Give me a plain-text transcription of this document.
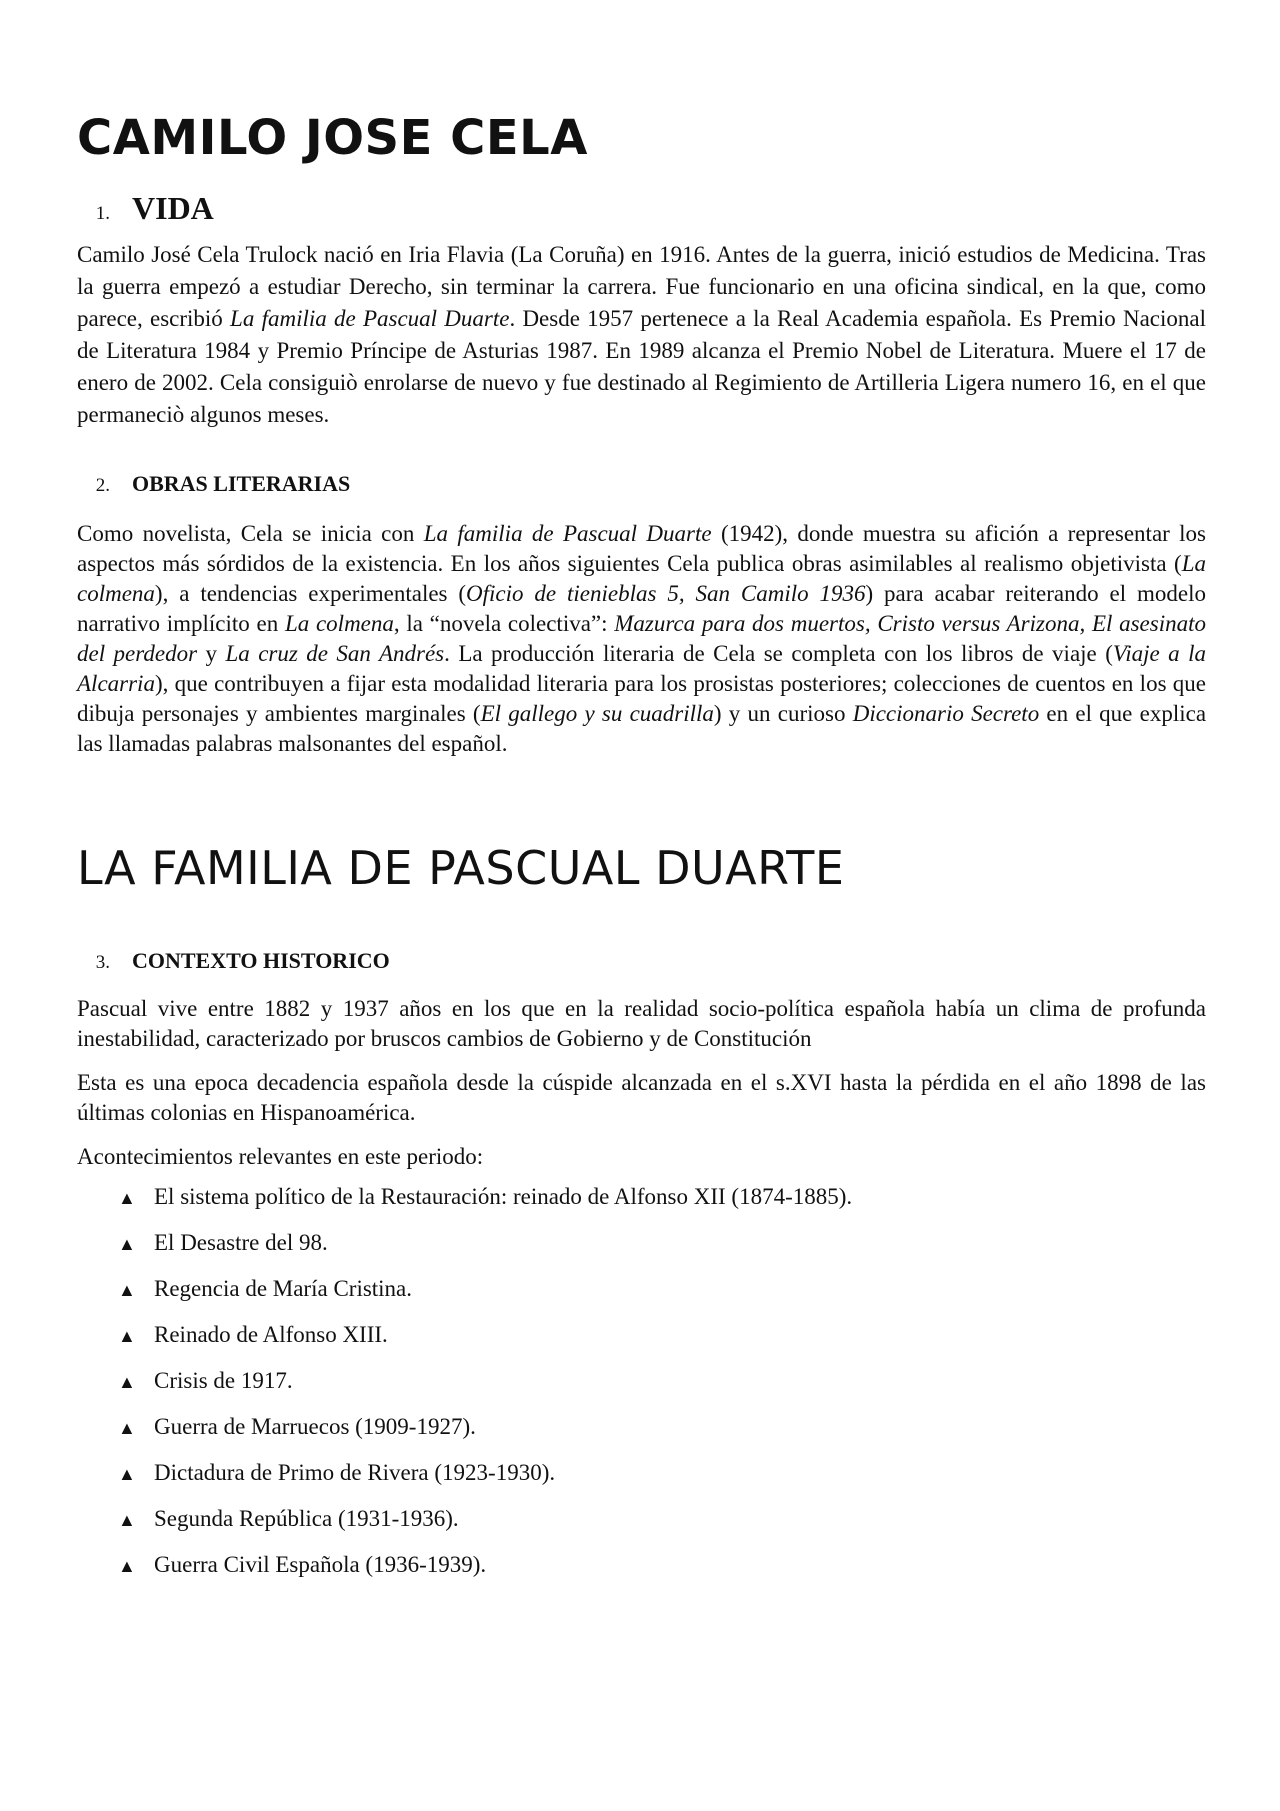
CAMILO JOSE CELA
1. VIDA

Camilo José Cela Trulock nació en Iria Flavia (La Coruña) en 1916. Antes de la guerra, inició estudios de Medicina. Tras la guerra empezó a estudiar Derecho, sin terminar la carrera. Fue funcionario en una oficina sindical, en la que, como parece, escribió La familia de Pascual Duarte. Desde 1957 pertenece a la Real Academia española. Es Premio Nacional de Literatura 1984 y Premio Príncipe de Asturias 1987. En 1989 alcanza el Premio Nobel de Literatura. Muere el 17 de enero de 2002. Cela consiguiò enrolarse de nuevo y fue destinado al Regimiento de Artilleria Ligera numero 16, en el que permaneciò algunos meses.

2.	OBRAS LITERARIAS

Como novelista, Cela se inicia con La familia de Pascual Duarte (1942), donde muestra su afición a representar los aspectos más sórdidos de la existencia. En los años siguientes Cela publica obras asimilables al realismo objetivista (La colmena), a tendencias experimentales (Oficio de tienieblas 5, San Camilo 1936) para acabar reiterando el modelo narrativo implícito en La colmena, la “novela colectiva”: Mazurca para dos muertos, Cristo versus Arizona, El asesinato del perdedor y La cruz de San Andrés. La producción literaria de Cela se completa con los libros de viaje (Viaje a la Alcarria), que contribuyen a fijar esta modalidad literaria para los prosistas posteriores; colecciones de cuentos en los que dibuja personajes y ambientes marginales (El gallego y su cuadrilla) y un curioso Diccionario Secreto en el que explica las llamadas palabras malsonantes del español.

LA FAMILIA DE PASCUAL DUARTE
3.	CONTEXTO HISTORICO

Pascual vive entre 1882 y 1937 años en los que en la realidad socio-política española había un clima de profunda inestabilidad, caracterizado por bruscos cambios de Gobierno y de Constitución

Esta es una epoca decadencia española desde la cúspide alcanzada en el s.XVI hasta la pérdida en el año 1898 de las últimas colonias en Hispanoamérica.

Acontecimientos relevantes en este periodo:

▲ El sistema político de la Restauración: reinado de Alfonso XII (1874-1885).
▲ El Desastre del 98.
▲ Regencia de María Cristina.
▲ Reinado de Alfonso XIII.
▲ Crisis de 1917.
▲ Guerra de Marruecos (1909-1927).
▲ Dictadura de Primo de Rivera (1923-1930).
▲ Segunda República (1931-1936).
▲ Guerra Civil Española (1936-1939).
